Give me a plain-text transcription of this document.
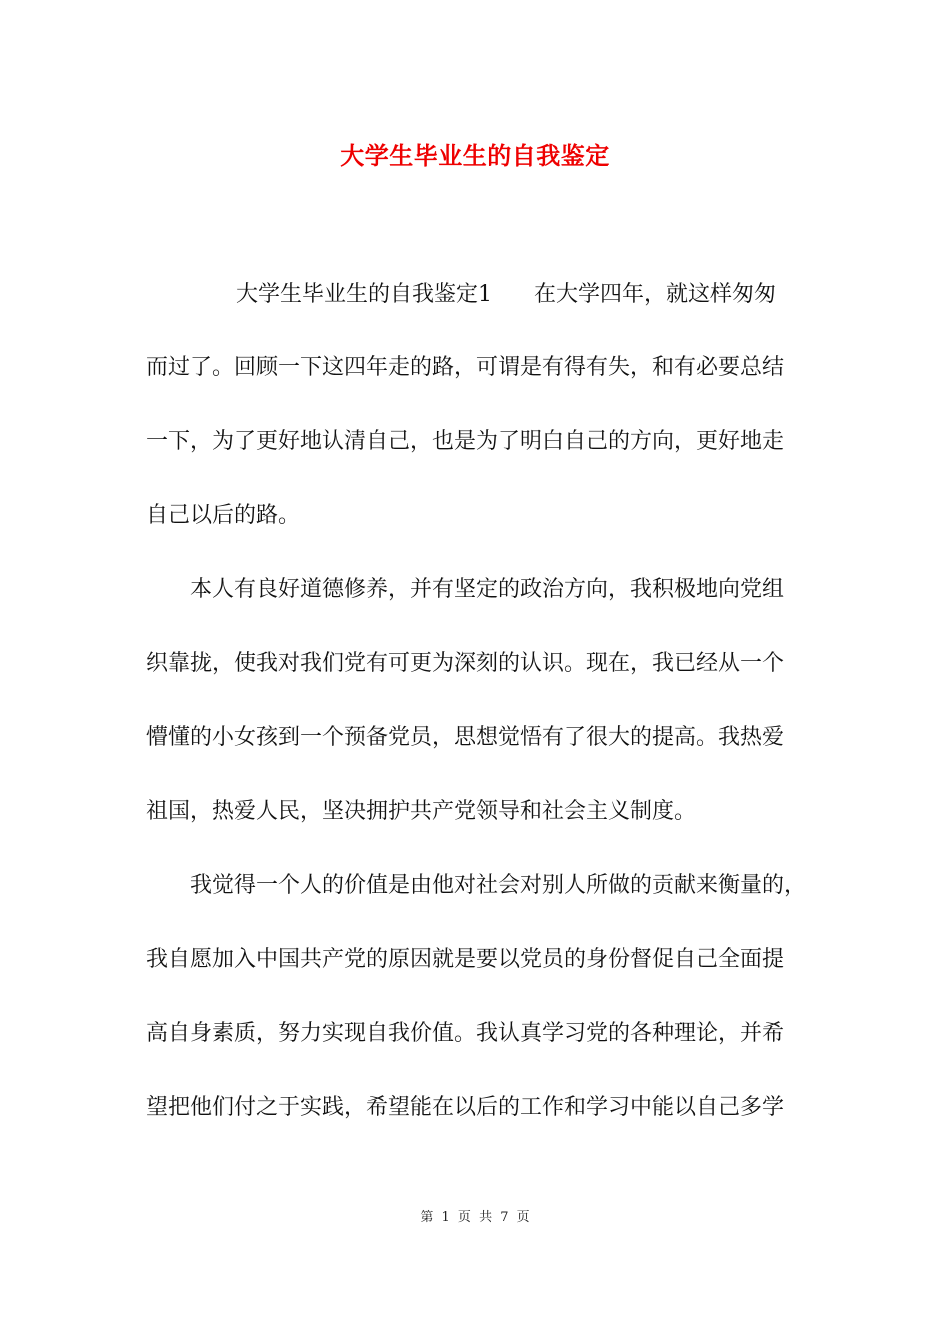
大学生毕业生的自我鉴定

大学生毕业生的自我鉴定1 在大学四年，就这样匆匆

而过了。回顾一下这四年走的路，可谓是有得有失，和有必要总结

一下，为了更好地认清自己，也是为了明白自己的方向，更好地走

自己以后的路。

本人有良好道德修养，并有坚定的政治方向，我积极地向党组

织靠拢，使我对我们党有可更为深刻的认识。现在，我已经从一个

懵懂的小女孩到一个预备党员，思想觉悟有了很大的提高。我热爱

祖国，热爱人民，坚决拥护共产党领导和社会主义制度。

我觉得一个人的价值是由他对社会对别人所做的贡献来衡量的，

我自愿加入中国共产党的原因就是要以党员的身份督促自己全面提

高自身素质，努力实现自我价值。我认真学习党的各种理论，并希

望把他们付之于实践，希望能在以后的工作和学习中能以自己多学

第 1 页 共 7 页
